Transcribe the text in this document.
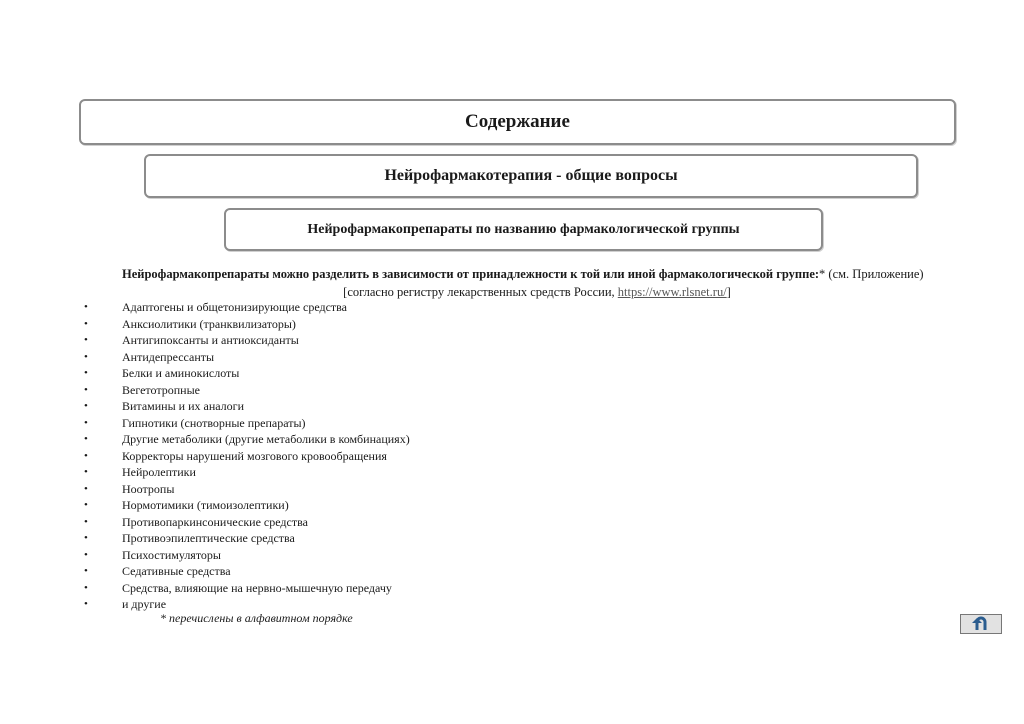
Содержание
Нейрофармакотерапия - общие вопросы
Нейрофармакопрепараты по названию фармакологической группы
Нейрофармакопрепараты можно разделить в зависимости от принадлежности к той или иной фармакологической группе:* (см. Приложение)
[согласно регистру лекарственных средств России, https://www.rlsnet.ru/]
•	Адаптогены и общетонизирующие средства
•	Анксиолитики (транквилизаторы)
•	Антигипоксанты и антиоксиданты
•	Антидепрессанты
•	Белки и аминокислоты
•	Вегетотропные
•	Витамины и их аналоги
•	Гипнотики (снотворные препараты)
•	Другие метаболики (другие метаболики в комбинациях)
•	Корректоры нарушений мозгового кровообращения
•	Нейролептики
•	Ноотропы
•	Нормотимики (тимоизолептики)
•	Противопаркинсонические средства
•	Противоэпилептические средства
•	Психостимуляторы
•	Седативные средства
•	Средства, влияющие на нервно-мышечную передачу
•	и другие
* перечислены в алфавитном порядке
